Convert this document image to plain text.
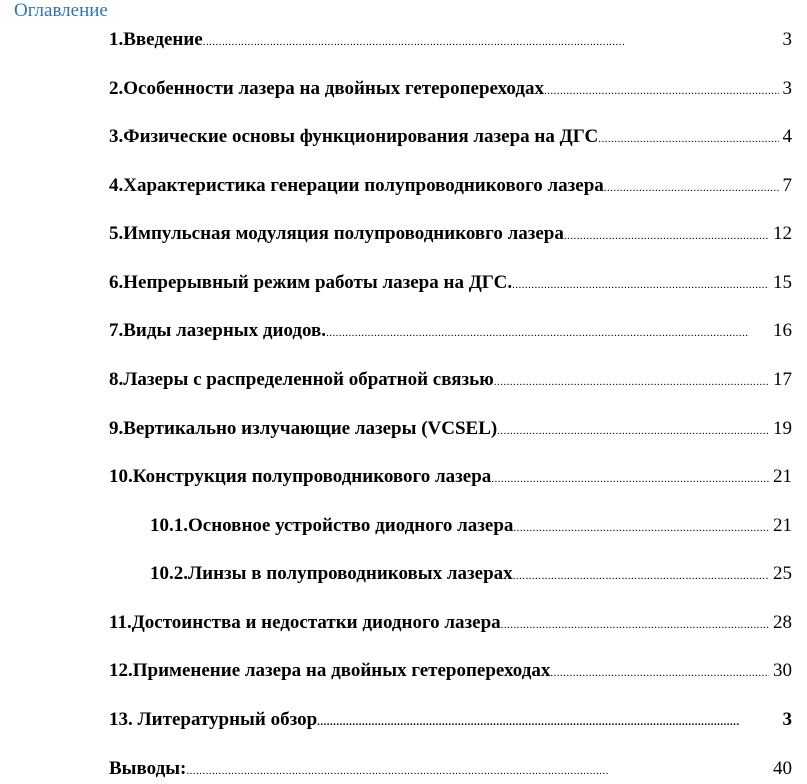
Оглавление
1.Введение . . .	3
2.Особенности лазера на двойных гетеропереходах . . .	3
3.Физические основы функционирования лазера на ДГС . . .	4
4.Характеристика генерации полупроводникового лазера . . .	7
5.Импульсная модуляция полупроводниковго лазера . . .	12
6.Непрерывный режим работы лазера на ДГС. . . .	15
7.Виды лазерных диодов. . . .	16
8.Лазеры с распределенной обратной связью . . .	17
9.Вертикально излучающие лазеры (VCSEL) . . .	19
10.Конструкция полупроводникового лазера . . .	21
10.1.Основное устройство диодного лазера . . .	21
10.2.Линзы в полупроводниковых лазерах . . .	25
11.Достоинства и недостатки диодного лазера . . .	28
12.Применение лазера на двойных гетеропереходах . . .	30
13. Литературный обзор . . .	3
Выводы: . . .	40
